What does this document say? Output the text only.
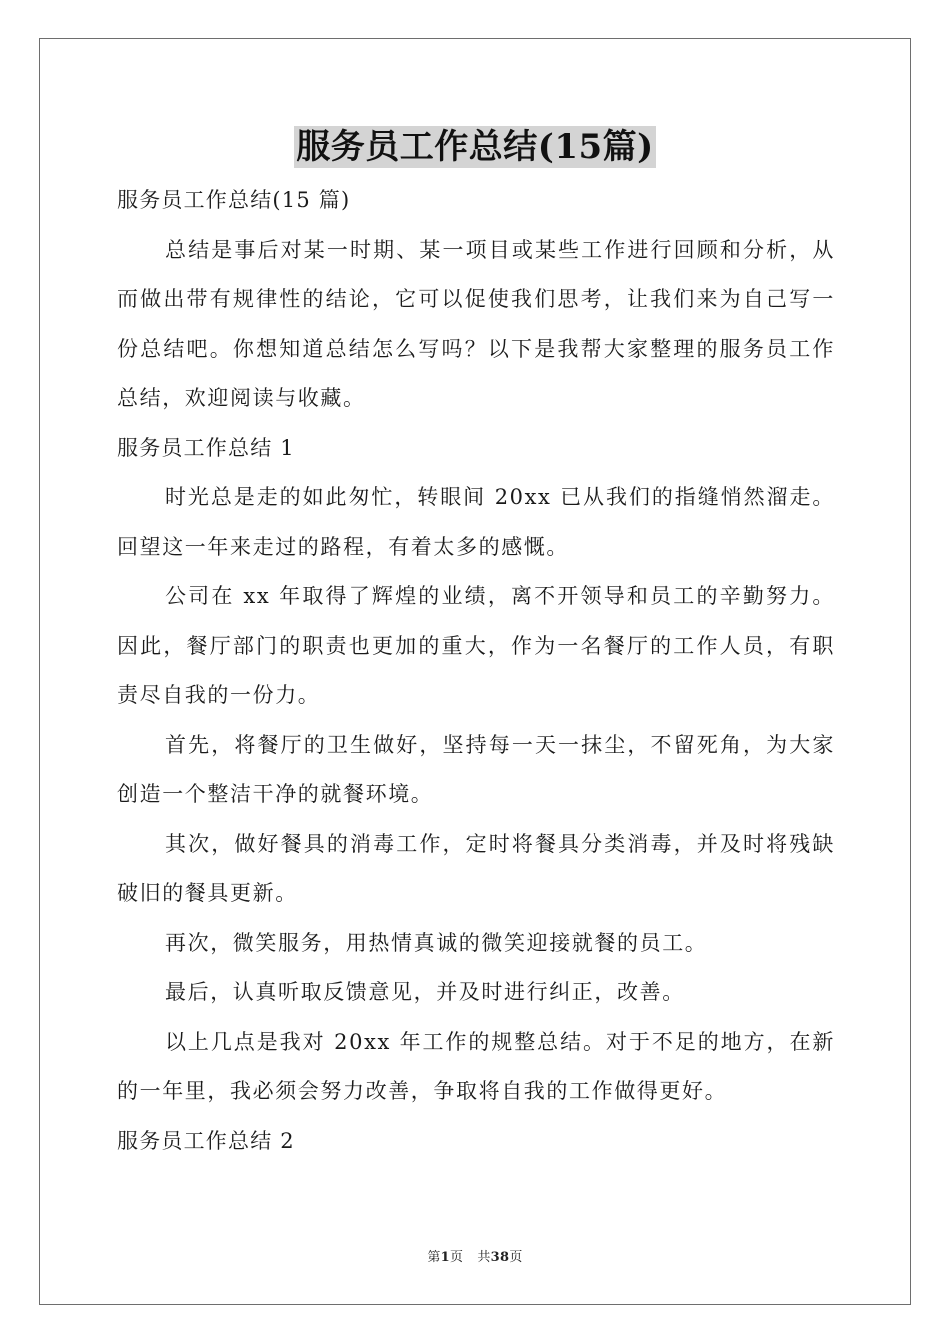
服务员工作总结(15篇)

服务员工作总结(15 篇)

总结是事后对某一时期、某一项目或某些工作进行回顾和分析，从而做出带有规律性的结论，它可以促使我们思考，让我们来为自己写一份总结吧。你想知道总结怎么写吗？以下是我帮大家整理的服务员工作总结，欢迎阅读与收藏。

服务员工作总结 1

时光总是走的如此匆忙，转眼间 20xx 已从我们的指缝悄然溜走。回望这一年来走过的路程，有着太多的感慨。

公司在 xx 年取得了辉煌的业绩，离不开领导和员工的辛勤努力。因此，餐厅部门的职责也更加的重大，作为一名餐厅的工作人员，有职责尽自我的一份力。

首先，将餐厅的卫生做好，坚持每一天一抹尘，不留死角，为大家创造一个整洁干净的就餐环境。

其次，做好餐具的消毒工作，定时将餐具分类消毒，并及时将残缺破旧的餐具更新。

再次，微笑服务，用热情真诚的微笑迎接就餐的员工。

最后，认真听取反馈意见，并及时进行纠正，改善。

以上几点是我对 20xx 年工作的规整总结。对于不足的地方，在新的一年里，我必须会努力改善，争取将自我的工作做得更好。

服务员工作总结 2

第1页 共38页
